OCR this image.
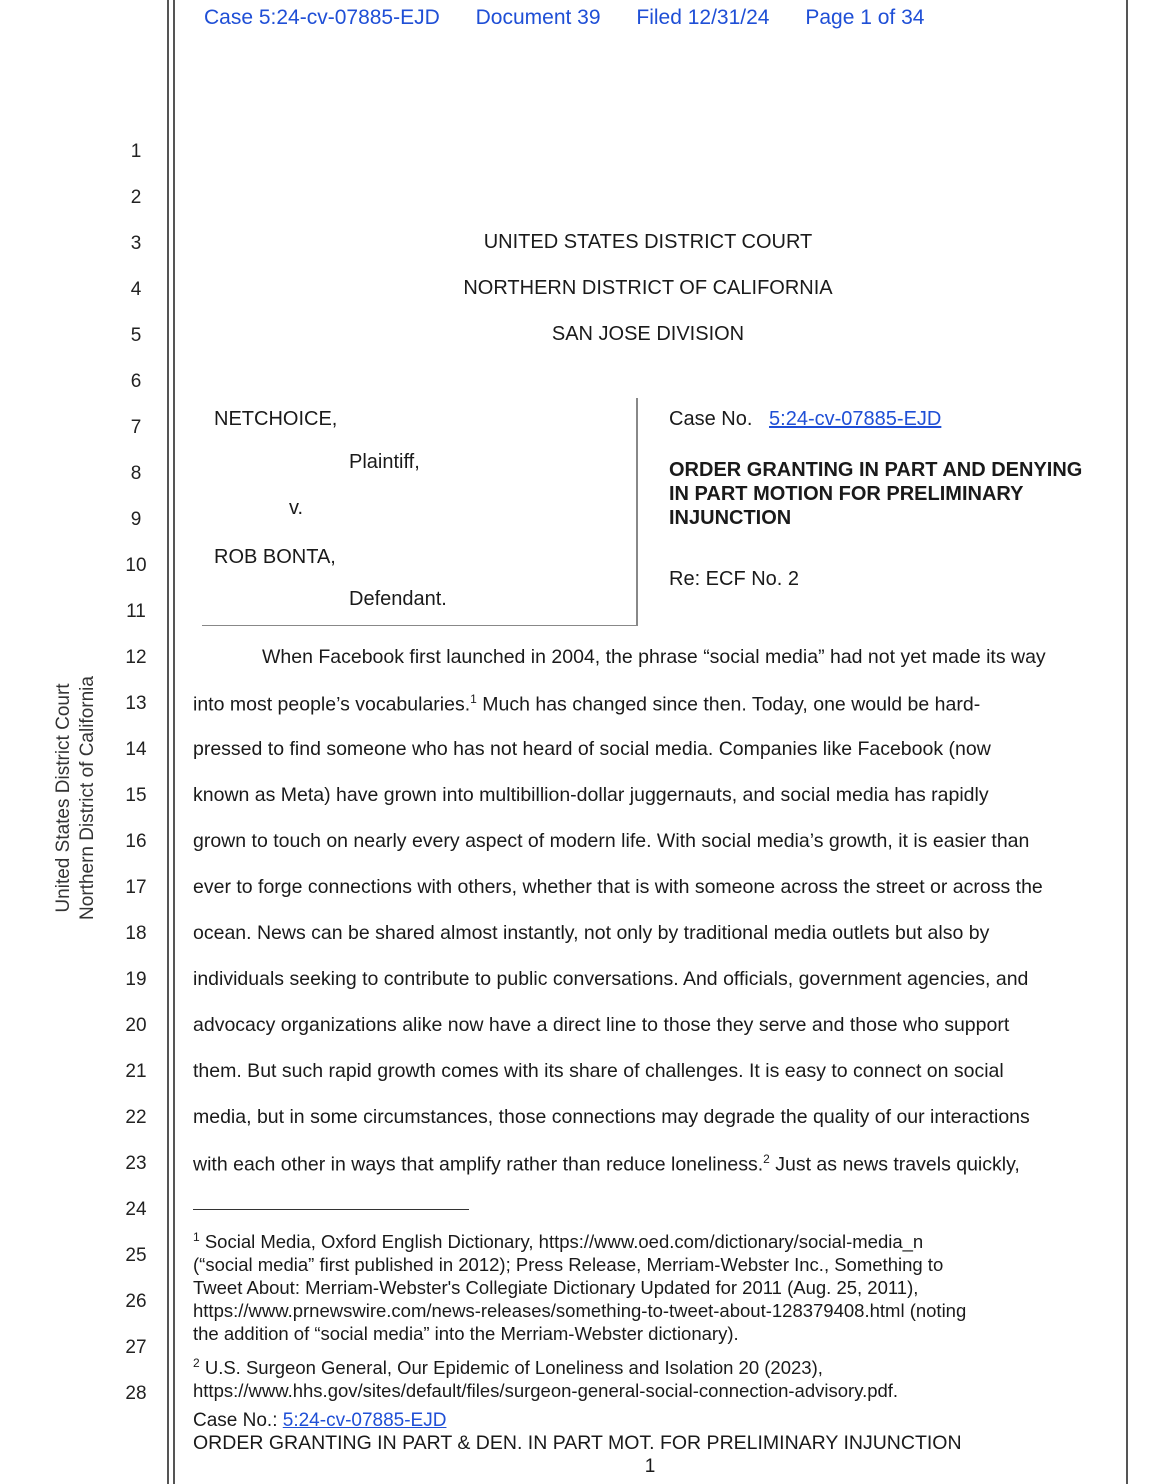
Case 5:24-cv-07885-EJD Document 39 Filed 12/31/24 Page 1 of 34
1
2
3
4
5
6
7
8
9
10
11
12
13
14
15
16
17
18
19
20
21
22
23
24
25
26
27
28
United States District Court Northern District of California
UNITED STATES DISTRICT COURT
NORTHERN DISTRICT OF CALIFORNIA
SAN JOSE DIVISION
NETCHOICE,
Plaintiff,
v.
ROB BONTA,
Defendant.
Case No. 5:24-cv-07885-EJD
ORDER GRANTING IN PART AND DENYING IN PART MOTION FOR PRELIMINARY INJUNCTION
Re: ECF No. 2
When Facebook first launched in 2004, the phrase “social media” had not yet made its way
into most people’s vocabularies.$^1$ Much has changed since then. Today, one would be hard-
pressed to find someone who has not heard of social media. Companies like Facebook (now
known as Meta) have grown into multibillion-dollar juggernauts, and social media has rapidly
grown to touch on nearly every aspect of modern life. With social media’s growth, it is easier than
ever to forge connections with others, whether that is with someone across the street or across the
ocean. News can be shared almost instantly, not only by traditional media outlets but also by
individuals seeking to contribute to public conversations. And officials, government agencies, and
advocacy organizations alike now have a direct line to those they serve and those who support
them. But such rapid growth comes with its share of challenges. It is easy to connect on social
media, but in some circumstances, those connections may degrade the quality of our interactions
with each other in ways that amplify rather than reduce loneliness.$^2$ Just as news travels quickly,
$^1$ Social Media, Oxford English Dictionary, https://www.oed.com/dictionary/social-media_n
(“social media” first published in 2012); Press Release, Merriam-Webster Inc., Something to
Tweet About: Merriam-Webster's Collegiate Dictionary Updated for 2011 (Aug. 25, 2011),
https://www.prnewswire.com/news-releases/something-to-tweet-about-128379408.html (noting
the addition of “social media” into the Merriam-Webster dictionary).
$^2$ U.S. Surgeon General, Our Epidemic of Loneliness and Isolation 20 (2023),
https://www.hhs.gov/sites/default/files/surgeon-general-social-connection-advisory.pdf.
Case No.: 5:24-cv-07885-EJD
ORDER GRANTING IN PART & DEN. IN PART MOT. FOR PRELIMINARY INJUNCTION
1
